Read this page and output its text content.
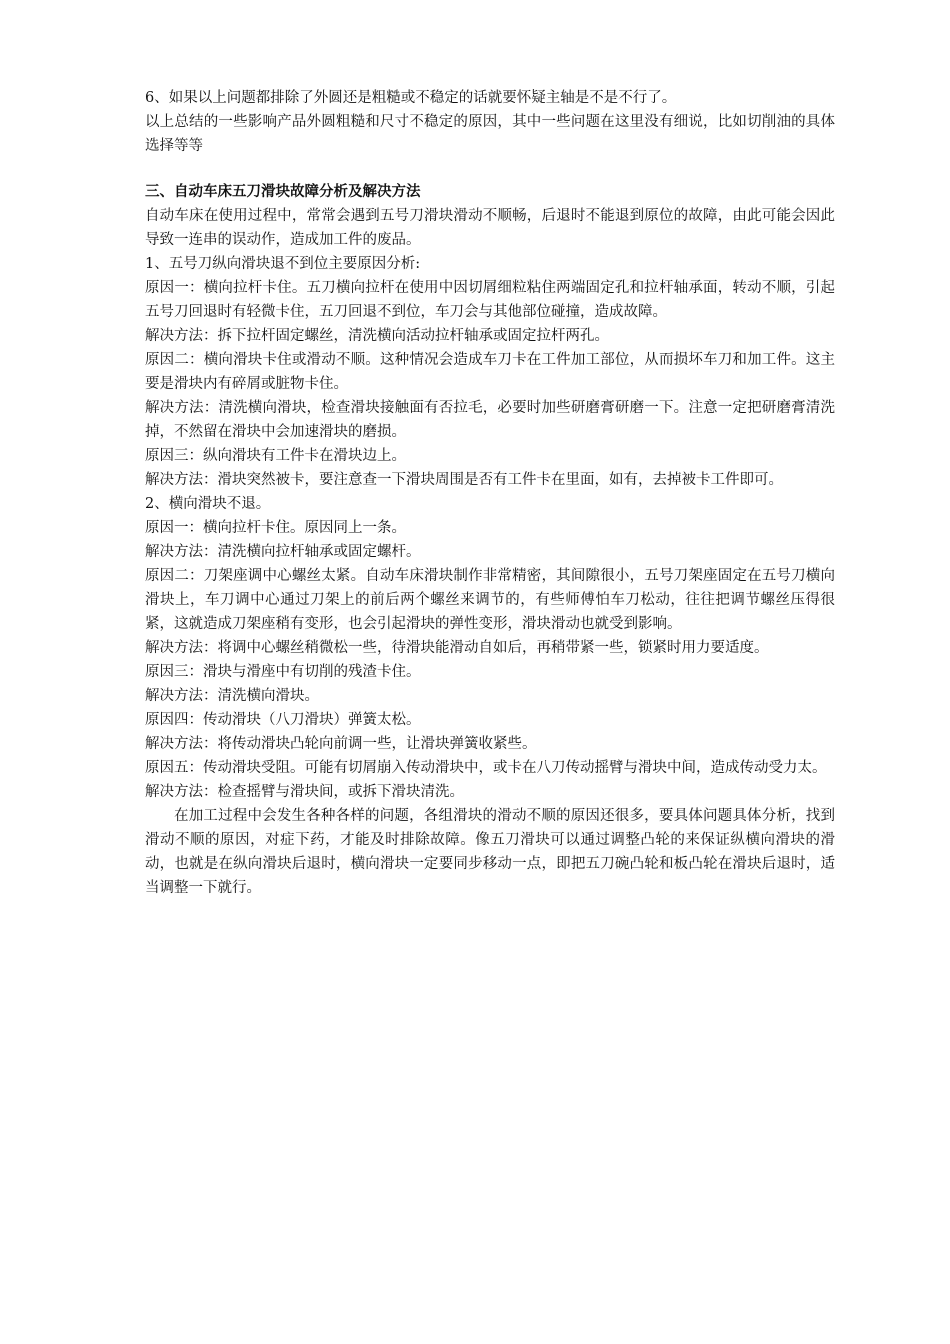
6、如果以上问题都排除了外圆还是粗糙或不稳定的话就要怀疑主轴是不是不行了。

以上总结的一些影响产品外圆粗糙和尺寸不稳定的原因，其中一些问题在这里没有细说，比如切削油的具体选择等等

三、自动车床五刀滑块故障分析及解决方法

自动车床在使用过程中，常常会遇到五号刀滑块滑动不顺畅，后退时不能退到原位的故障，由此可能会因此导致一连串的误动作，造成加工件的废品。

1、五号刀纵向滑块退不到位主要原因分析:

原因一：横向拉杆卡住。五刀横向拉杆在使用中因切屑细粒粘住两端固定孔和拉杆轴承面，转动不顺，引起五号刀回退时有轻微卡住，五刀回退不到位，车刀会与其他部位碰撞，造成故障。

解决方法：拆下拉杆固定螺丝，清洗横向活动拉杆轴承或固定拉杆两孔。

原因二：横向滑块卡住或滑动不顺。这种情况会造成车刀卡在工件加工部位，从而损坏车刀和加工件。这主要是滑块内有碎屑或脏物卡住。

解决方法：清洗横向滑块，检查滑块接触面有否拉毛，必要时加些研磨膏研磨一下。注意一定把研磨膏清洗掉，不然留在滑块中会加速滑块的磨损。

原因三：纵向滑块有工件卡在滑块边上。

解决方法：滑块突然被卡，要注意查一下滑块周围是否有工件卡在里面，如有，去掉被卡工件即可。

2、横向滑块不退。

原因一：横向拉杆卡住。原因同上一条。

解决方法：清洗横向拉杆轴承或固定螺杆。

原因二：刀架座调中心螺丝太紧。自动车床滑块制作非常精密，其间隙很小，五号刀架座固定在五号刀横向滑块上，车刀调中心通过刀架上的前后两个螺丝来调节的，有些师傅怕车刀松动，往往把调节螺丝压得很紧，这就造成刀架座稍有变形，也会引起滑块的弹性变形，滑块滑动也就受到影响。

解决方法：将调中心螺丝稍微松一些，待滑块能滑动自如后，再稍带紧一些，锁紧时用力要适度。

原因三：滑块与滑座中有切削的残渣卡住。

解决方法：清洗横向滑块。

原因四：传动滑块（八刀滑块）弹簧太松。

解决方法：将传动滑块凸轮向前调一些，让滑块弹簧收紧些。

原因五：传动滑块受阻。可能有切屑崩入传动滑块中，或卡在八刀传动摇臂与滑块中间，造成传动受力太。

解决方法：检查摇臂与滑块间，或拆下滑块清洗。

在加工过程中会发生各种各样的问题，各组滑块的滑动不顺的原因还很多，要具体问题具体分析，找到滑动不顺的原因，对症下药，才能及时排除故障。像五刀滑块可以通过调整凸轮的来保证纵横向滑块的滑动，也就是在纵向滑块后退时，横向滑块一定要同步移动一点，即把五刀碗凸轮和板凸轮在滑块后退时，适当调整一下就行。
